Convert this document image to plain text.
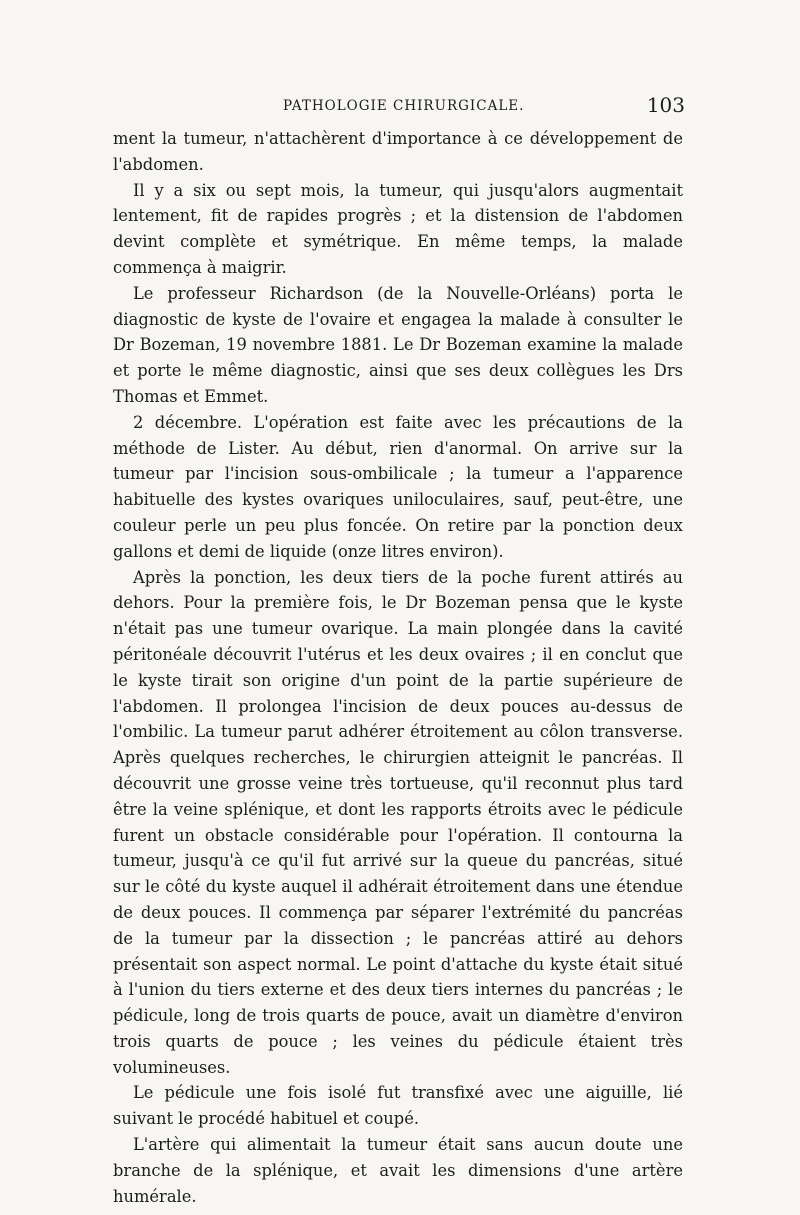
PATHOLOGIE CHIRURGICALE.	103

ment la tumeur, n'attachèrent d'importance à ce développement de l'abdomen.

Il y a six ou sept mois, la tumeur, qui jusqu'alors augmentait lentement, fit de rapides progrès ; et la distension de l'abdomen devint complète et symétrique. En même temps, la malade commença à maigrir.

Le professeur Richardson (de la Nouvelle-Orléans) porta le diagnostic de kyste de l'ovaire et engagea la malade à consulter le Dr Bozeman, 19 novembre 1881. Le Dr Bozeman examine la malade et porte le même diagnostic, ainsi que ses deux collègues les Drs Thomas et Emmet.

2 décembre. L'opération est faite avec les précautions de la méthode de Lister. Au début, rien d'anormal. On arrive sur la tumeur par l'incision sous-ombilicale ; la tumeur a l'apparence habituelle des kystes ovariques uniloculaires, sauf, peut-être, une couleur perle un peu plus foncée. On retire par la ponction deux gallons et demi de liquide (onze litres environ).

Après la ponction, les deux tiers de la poche furent attirés au dehors. Pour la première fois, le Dr Bozeman pensa que le kyste n'était pas une tumeur ovarique. La main plongée dans la cavité péritonéale découvrit l'utérus et les deux ovaires ; il en conclut que le kyste tirait son origine d'un point de la partie supérieure de l'abdomen. Il prolongea l'incision de deux pouces au-dessus de l'ombilic. La tumeur parut adhérer étroitement au côlon transverse. Après quelques recherches, le chirurgien atteignit le pancréas. Il découvrit une grosse veine très tortueuse, qu'il reconnut plus tard être la veine splénique, et dont les rapports étroits avec le pédicule furent un obstacle considérable pour l'opération. Il contourna la tumeur, jusqu'à ce qu'il fut arrivé sur la queue du pancréas, situé sur le côté du kyste auquel il adhérait étroitement dans une étendue de deux pouces. Il commença par séparer l'extrémité du pancréas de la tumeur par la dissection ; le pancréas attiré au dehors présentait son aspect normal. Le point d'attache du kyste était situé à l'union du tiers externe et des deux tiers internes du pancréas ; le pédicule, long de trois quarts de pouce, avait un diamètre d'environ trois quarts de pouce ; les veines du pédicule étaient très volumineuses.

Le pédicule une fois isolé fut transfixé avec une aiguille, lié suivant le procédé habituel et coupé.

L'artère qui alimentait la tumeur était sans aucun doute une branche de la splénique, et avait les dimensions d'une artère humérale.
